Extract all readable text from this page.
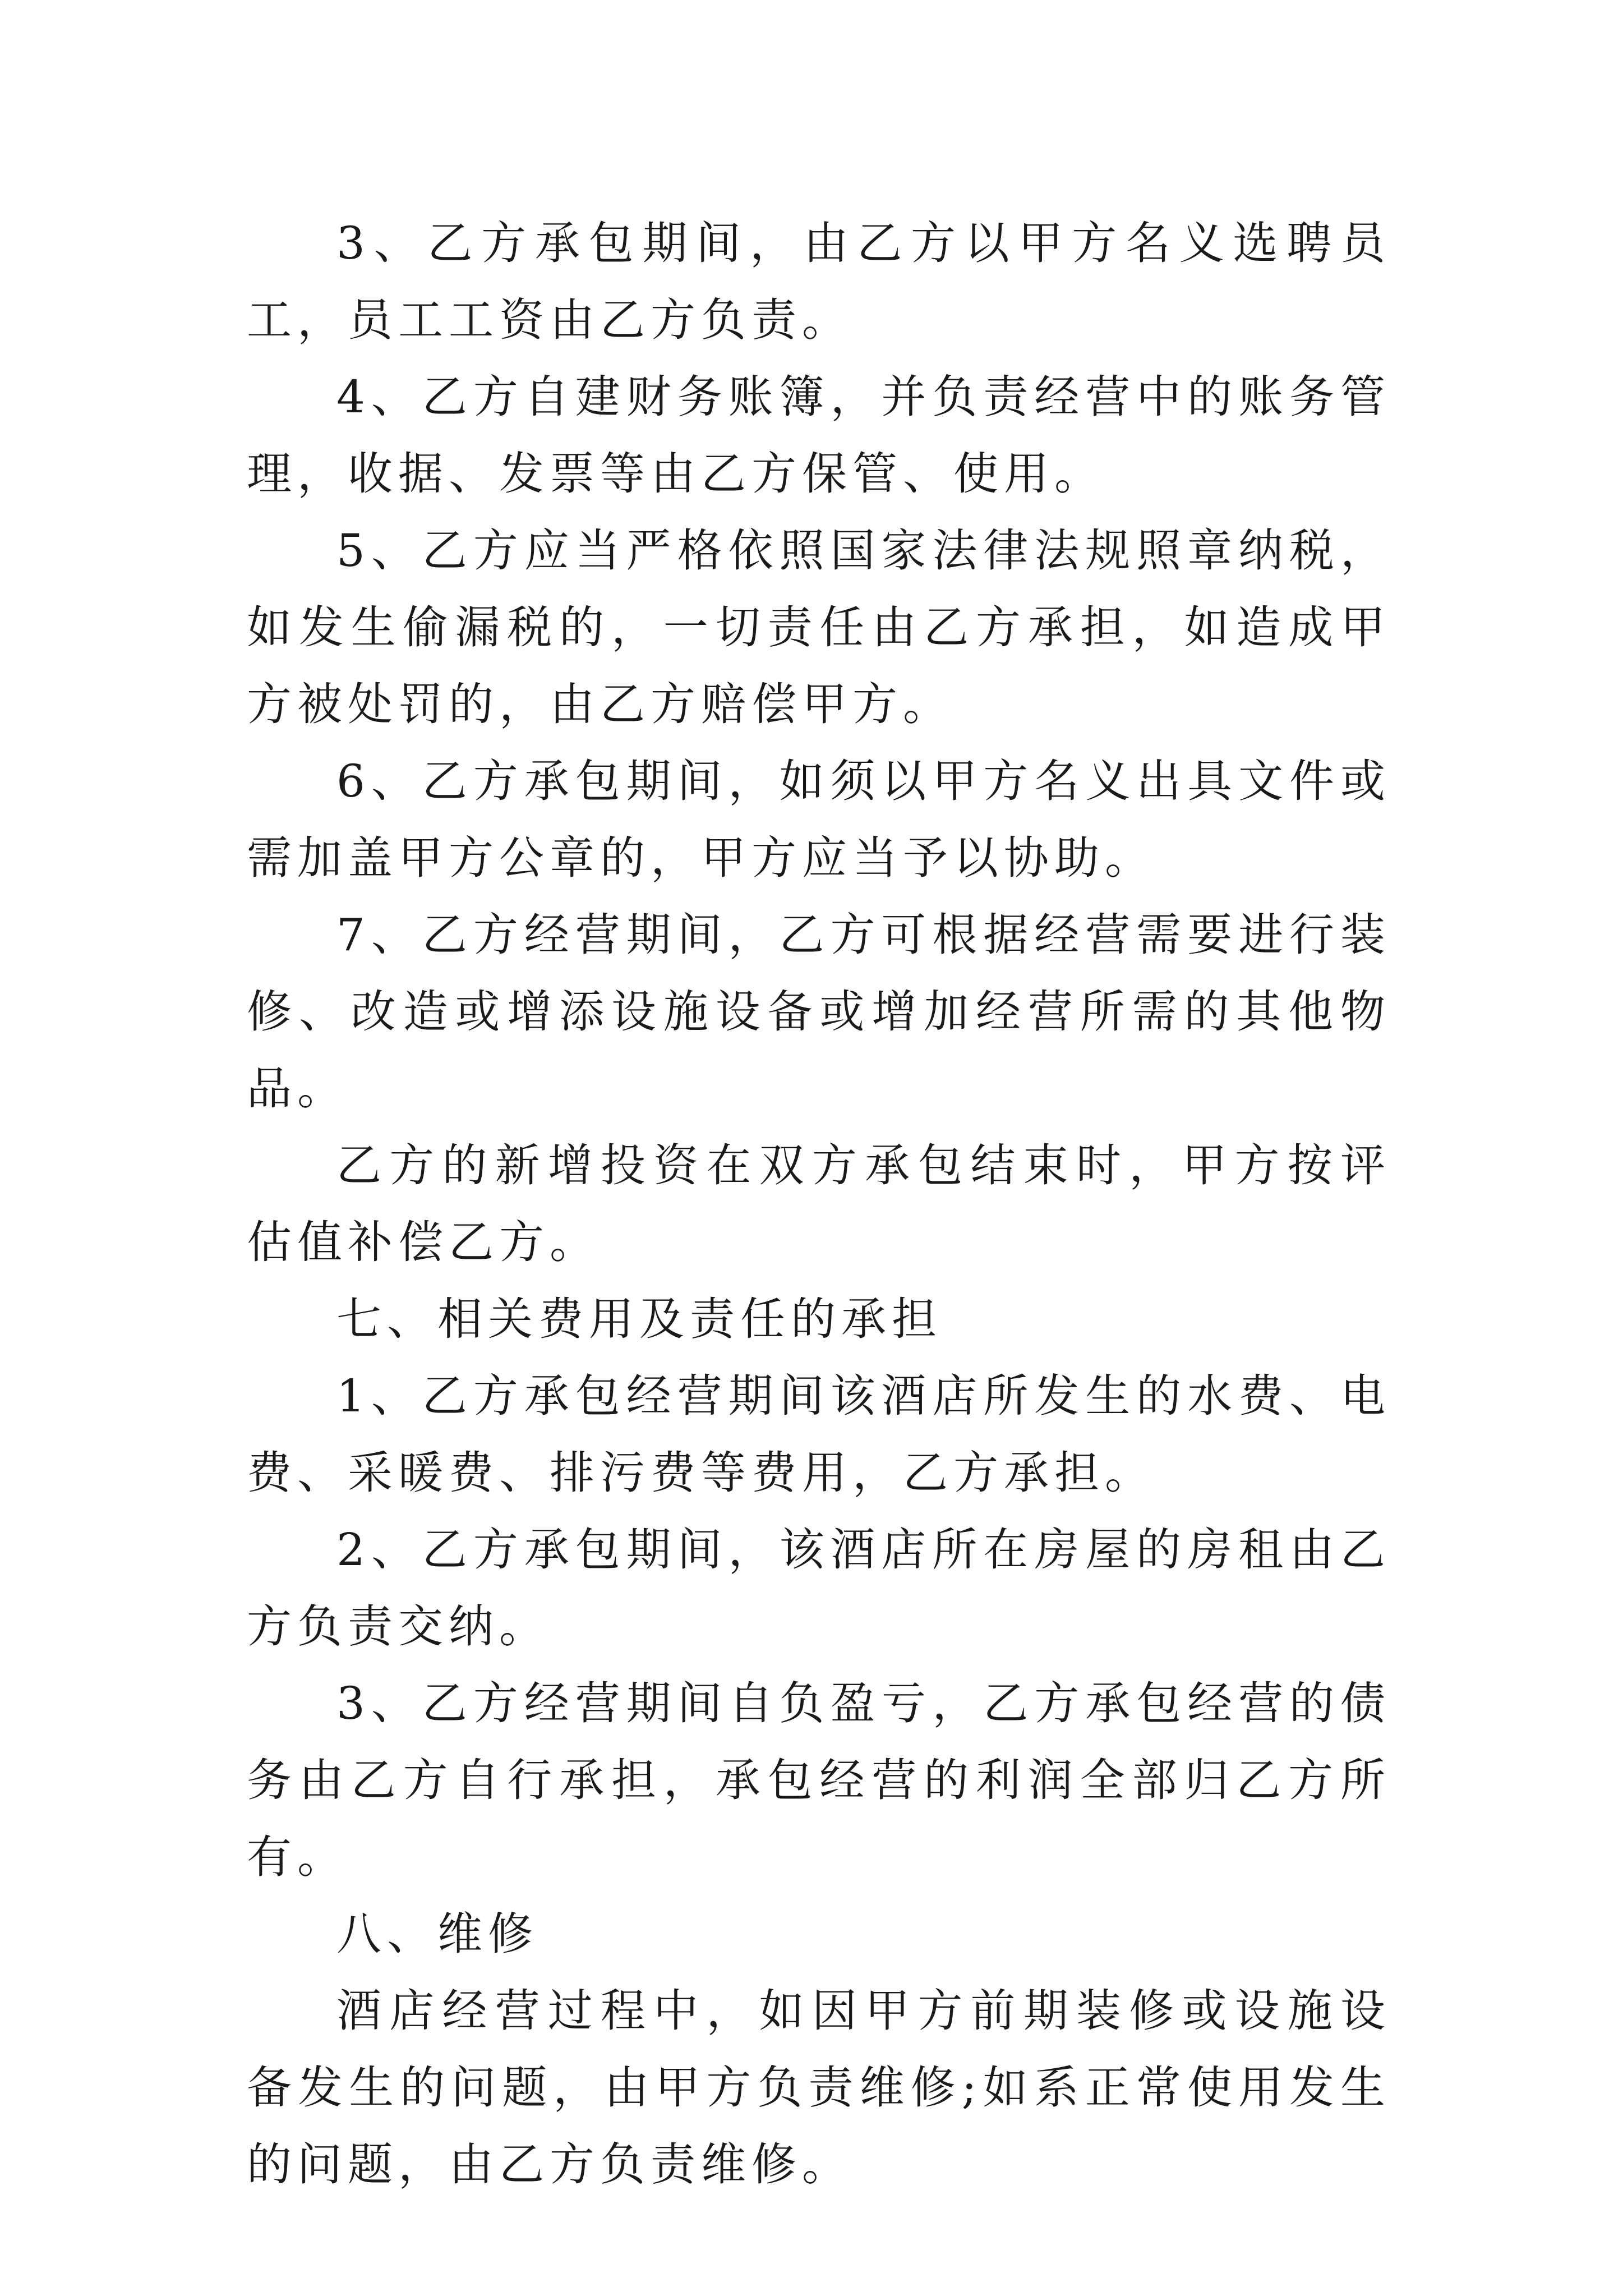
3、乙方承包期间，由乙方以甲方名义选聘员工，员工工资由乙方负责。

4、乙方自建财务账簿，并负责经营中的账务管理，收据、发票等由乙方保管、使用。

5、乙方应当严格依照国家法律法规照章纳税，如发生偷漏税的，一切责任由乙方承担，如造成甲方被处罚的，由乙方赔偿甲方。

6、乙方承包期间，如须以甲方名义出具文件或需加盖甲方公章的，甲方应当予以协助。

7、乙方经营期间，乙方可根据经营需要进行装修、改造或增添设施设备或增加经营所需的其他物品。

乙方的新增投资在双方承包结束时，甲方按评估值补偿乙方。

七、相关费用及责任的承担

1、乙方承包经营期间该酒店所发生的水费、电费、采暖费、排污费等费用，乙方承担。

2、乙方承包期间，该酒店所在房屋的房租由乙方负责交纳。

3、乙方经营期间自负盈亏，乙方承包经营的债务由乙方自行承担，承包经营的利润全部归乙方所有。

八、维修

酒店经营过程中，如因甲方前期装修或设施设备发生的问题，由甲方负责维修;如系正常使用发生的问题，由乙方负责维修。
